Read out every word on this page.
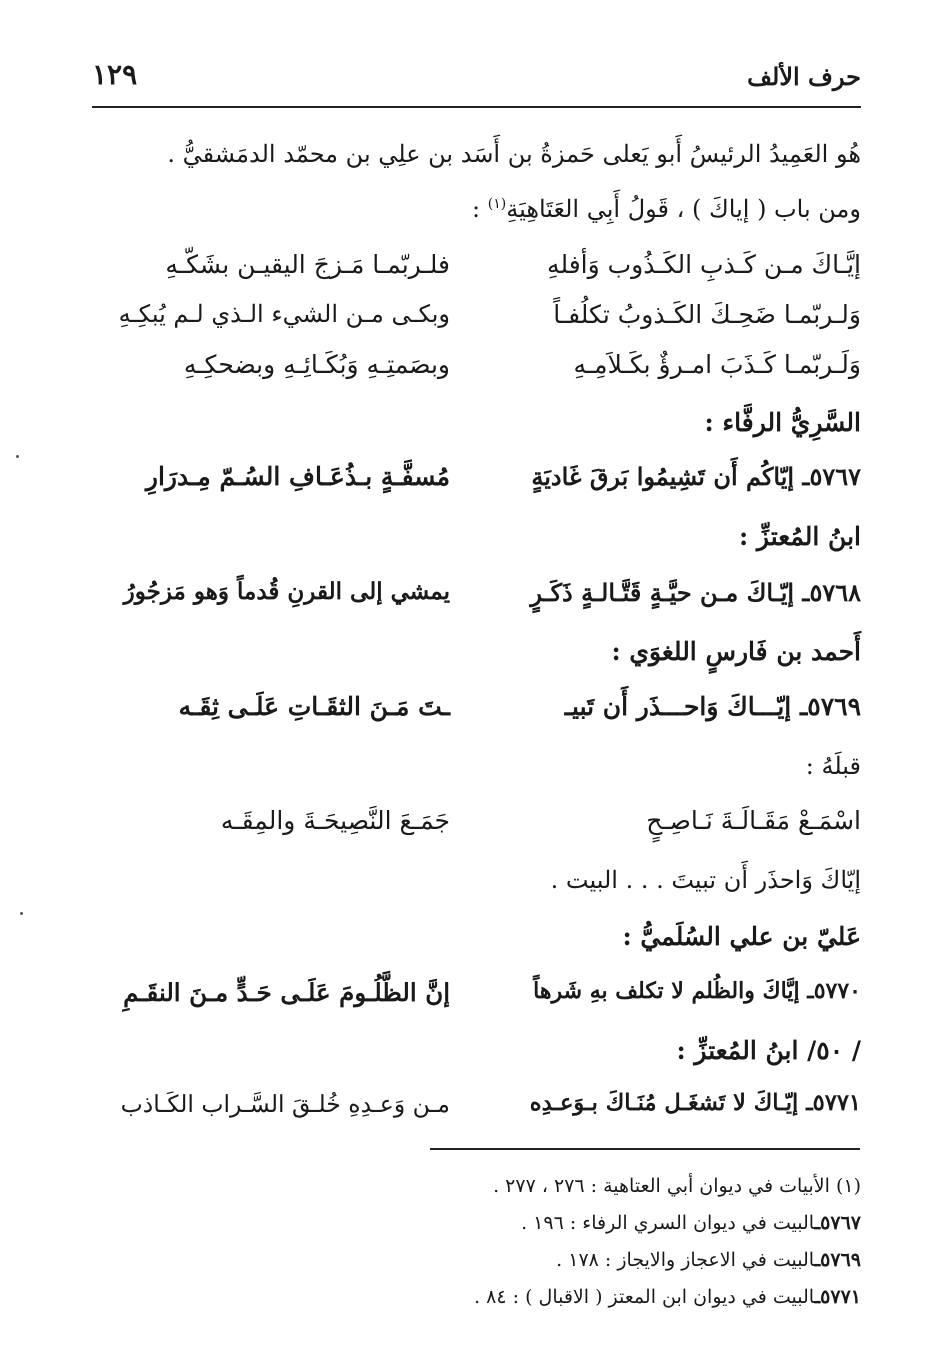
حرف الألف
١٢٩
هُو العَمِيدُ الرئيسُ أَبو يَعلى حَمزةُ بن أَسَد بن علِي بن محمّد الدمَشقيُّ .
ومن باب ( إياكَ ) ، قَولُ أَبِي العَتَاهِيَةِ$^{(١)}$ :
إيَّـاكَ مـن كَـذبِ الكَـذُوب وَأفلهِ
فلـربّمـا مَـزجَ اليقيـن بشَكّـهِ
وَلـربّمـا ضَحِـكَ الكَـذوبُ تكلُفـاً
وبكـى مـن الشيء الـذي لـم يُبكِـهِ
وَلَـربّمـا كَـذَبَ امـرؤٌ بكَـلاَمِـهِ
وبصَمتِـهِ وَبُكَـائِـهِ وبضحكِـهِ
السَّرِيُّ الرفَّاء :
٥٧٦٧ـ إيّاكُم أَن تَشِيمُوا بَرقَ غَاديَةٍ
مُسفَّـةٍ بـذُعَـافِ السُـمّ مِـدرَارِ
ابنُ المُعتزِّ :
٥٧٦٨ـ إيّـاكَ مـن حيَّـةٍ قَتَّـالـةٍ ذَكَـرٍ
يمشي إلى القرنِ قُدماً وَهو مَزجُورُ
أَحمد بن فَارسٍ اللغوَي :
٥٧٦٩ـ إيّـــاكَ وَاحـــذَر أَن تَبيـ
ـتَ مَـنَ الثقَـاتِ عَلَـى ثِقَـه
قبلَهُ :
اسْمَـعْ مَقَـالَـةَ نَـاصِـحٍ
جَمَـعَ النَّصِيحَـةَ والمِقَـه
إيّاكَ وَاحذَر أَن تبيتَ . . . البيت .
عَليّ بن علي السُلَميُّ :
٥٧٧٠ـ إيَّاكَ والظُلم لا تكلف بهِ شَرهاً
إنَّ الظَّلُـومَ عَلَـى حَـدٍّ مـنَ النقَـمِ
/ ٥٠/ ابنُ المُعتزِّ :
٥٧٧١ـ إيّـاكَ لا تَشغَـل مُنَـاكَ بـوَعـدِه
مـن وَعـدِهِ خُلـقَ السَّـراب الكَـاذب
(١) الأبيات في ديوان أبي العتاهية : ٢٧٦ ، ٢٧٧ .
٥٧٦٧ـالبيت في ديوان السري الرفاء : ١٩٦ .
٥٧٦٩ـالبيت في الاعجاز والايجاز : ١٧٨ .
٥٧٧١ـالبيت في ديوان ابن المعتز ( الاقبال ) : ٨٤ .
